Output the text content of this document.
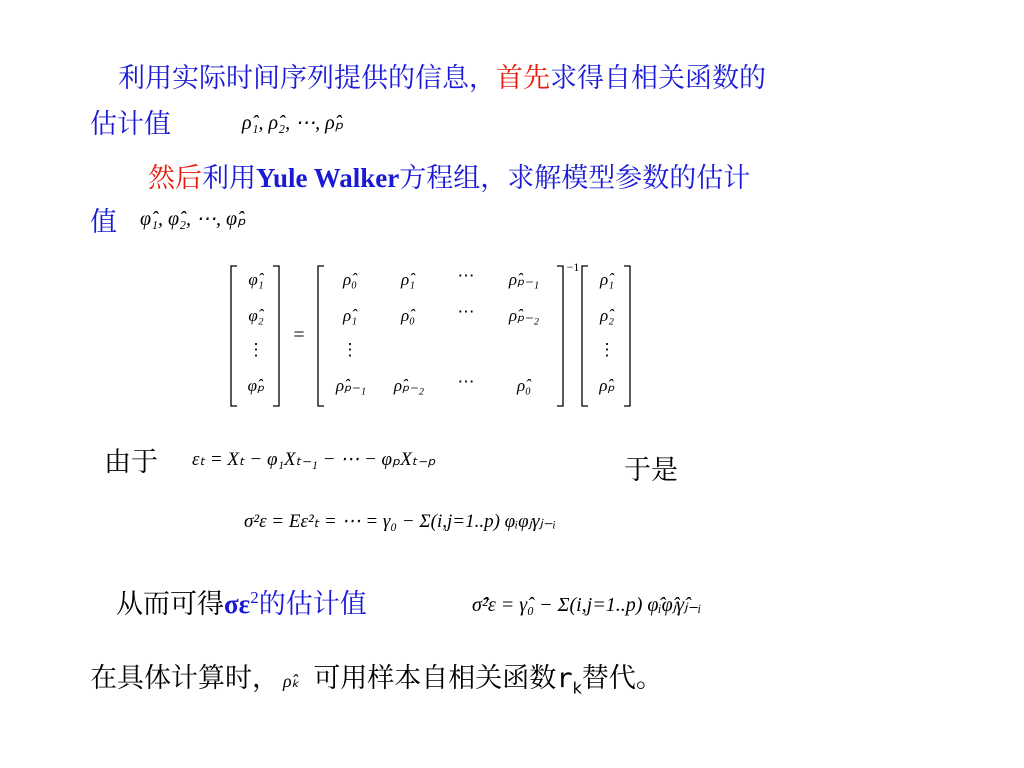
利用实际时间序列提供的信息，首先求得自相关函数的
估计值	ρ̂₁, ρ̂₂, ⋯, ρ̂ₚ
然后利用Yule Walker方程组，求解模型参数的估计
值 φ̂₁, φ̂₂, ⋯, φ̂ₚ
φ̂₁
φ̂₂
⋮
φ̂ₚ
=
ρ̂₀	ρ̂₁	⋯	ρ̂ₚ₋₁
ρ̂₁	ρ̂₀	⋯	ρ̂ₚ₋₂
⋮
ρ̂ₚ₋₁	ρ̂ₚ₋₂	⋯	ρ̂₀
−1
ρ̂₁
ρ̂₂
⋮
ρ̂ₚ
由于 εₜ = Xₜ − φ₁Xₜ₋₁ − ⋯ − φₚXₜ₋ₚ	于是
σ²ε = Eε²ₜ = ⋯ = γ₀ − Σ(i,j=1..p) φᵢφⱼγⱼ₋ᵢ
从而可得$\sigma\varepsilon^2$的估计值	σ̂²ε = γ̂₀ − Σ(i,j=1..p) φ̂ᵢφ̂ⱼγ̂ⱼ₋ᵢ
在具体计算时， ρ̂ₖ 可用样本自相关函数$r_k$替代。
